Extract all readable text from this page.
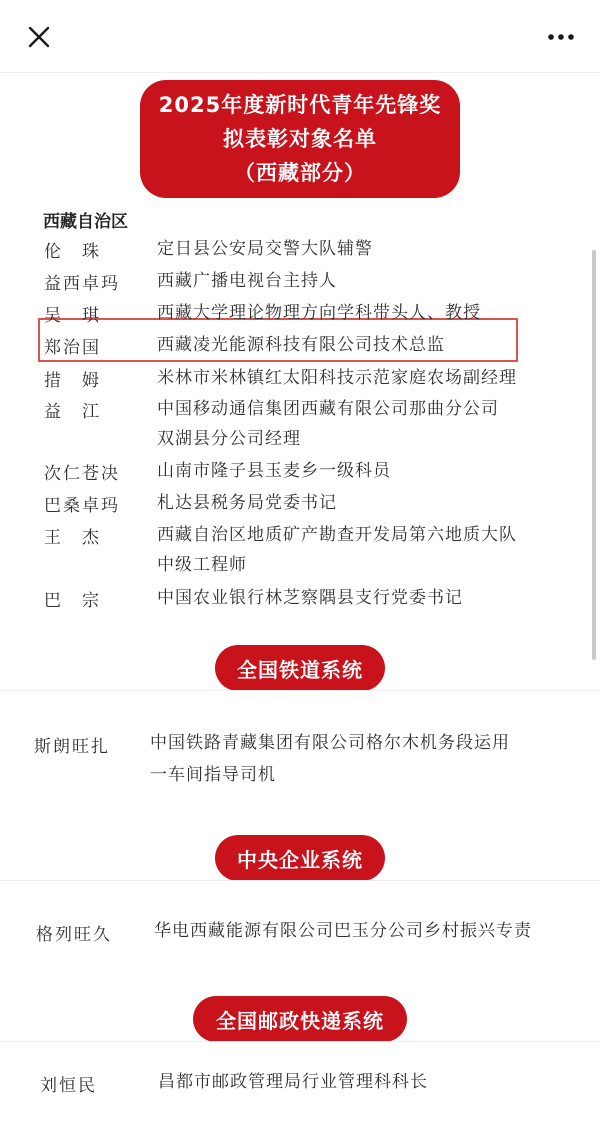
2025年度新时代青年先锋奖
拟表彰对象名单
（西藏部分）
西藏自治区
伦　珠	定日县公安局交警大队辅警
益西卓玛 西藏广播电视台主持人
吴　琪	西藏大学理论物理方向学科带头人、教授
郑治国	西藏凌光能源科技有限公司技术总监
措　姆	米林市米林镇红太阳科技示范家庭农场副经理
益　江	中国移动通信集团西藏有限公司那曲分公司
双湖县分公司经理
次仁苍决 山南市隆子县玉麦乡一级科员
巴桑卓玛 札达县税务局党委书记
王　杰	西藏自治区地质矿产勘查开发局第六地质大队
中级工程师
巴　宗	中国农业银行林芝察隅县支行党委书记
全国铁道系统
斯朗旺扎 中国铁路青藏集团有限公司格尔木机务段运用
一车间指导司机
中央企业系统
格列旺久 华电西藏能源有限公司巴玉分公司乡村振兴专责
全国邮政快递系统
刘恒民	昌都市邮政管理局行业管理科科长
